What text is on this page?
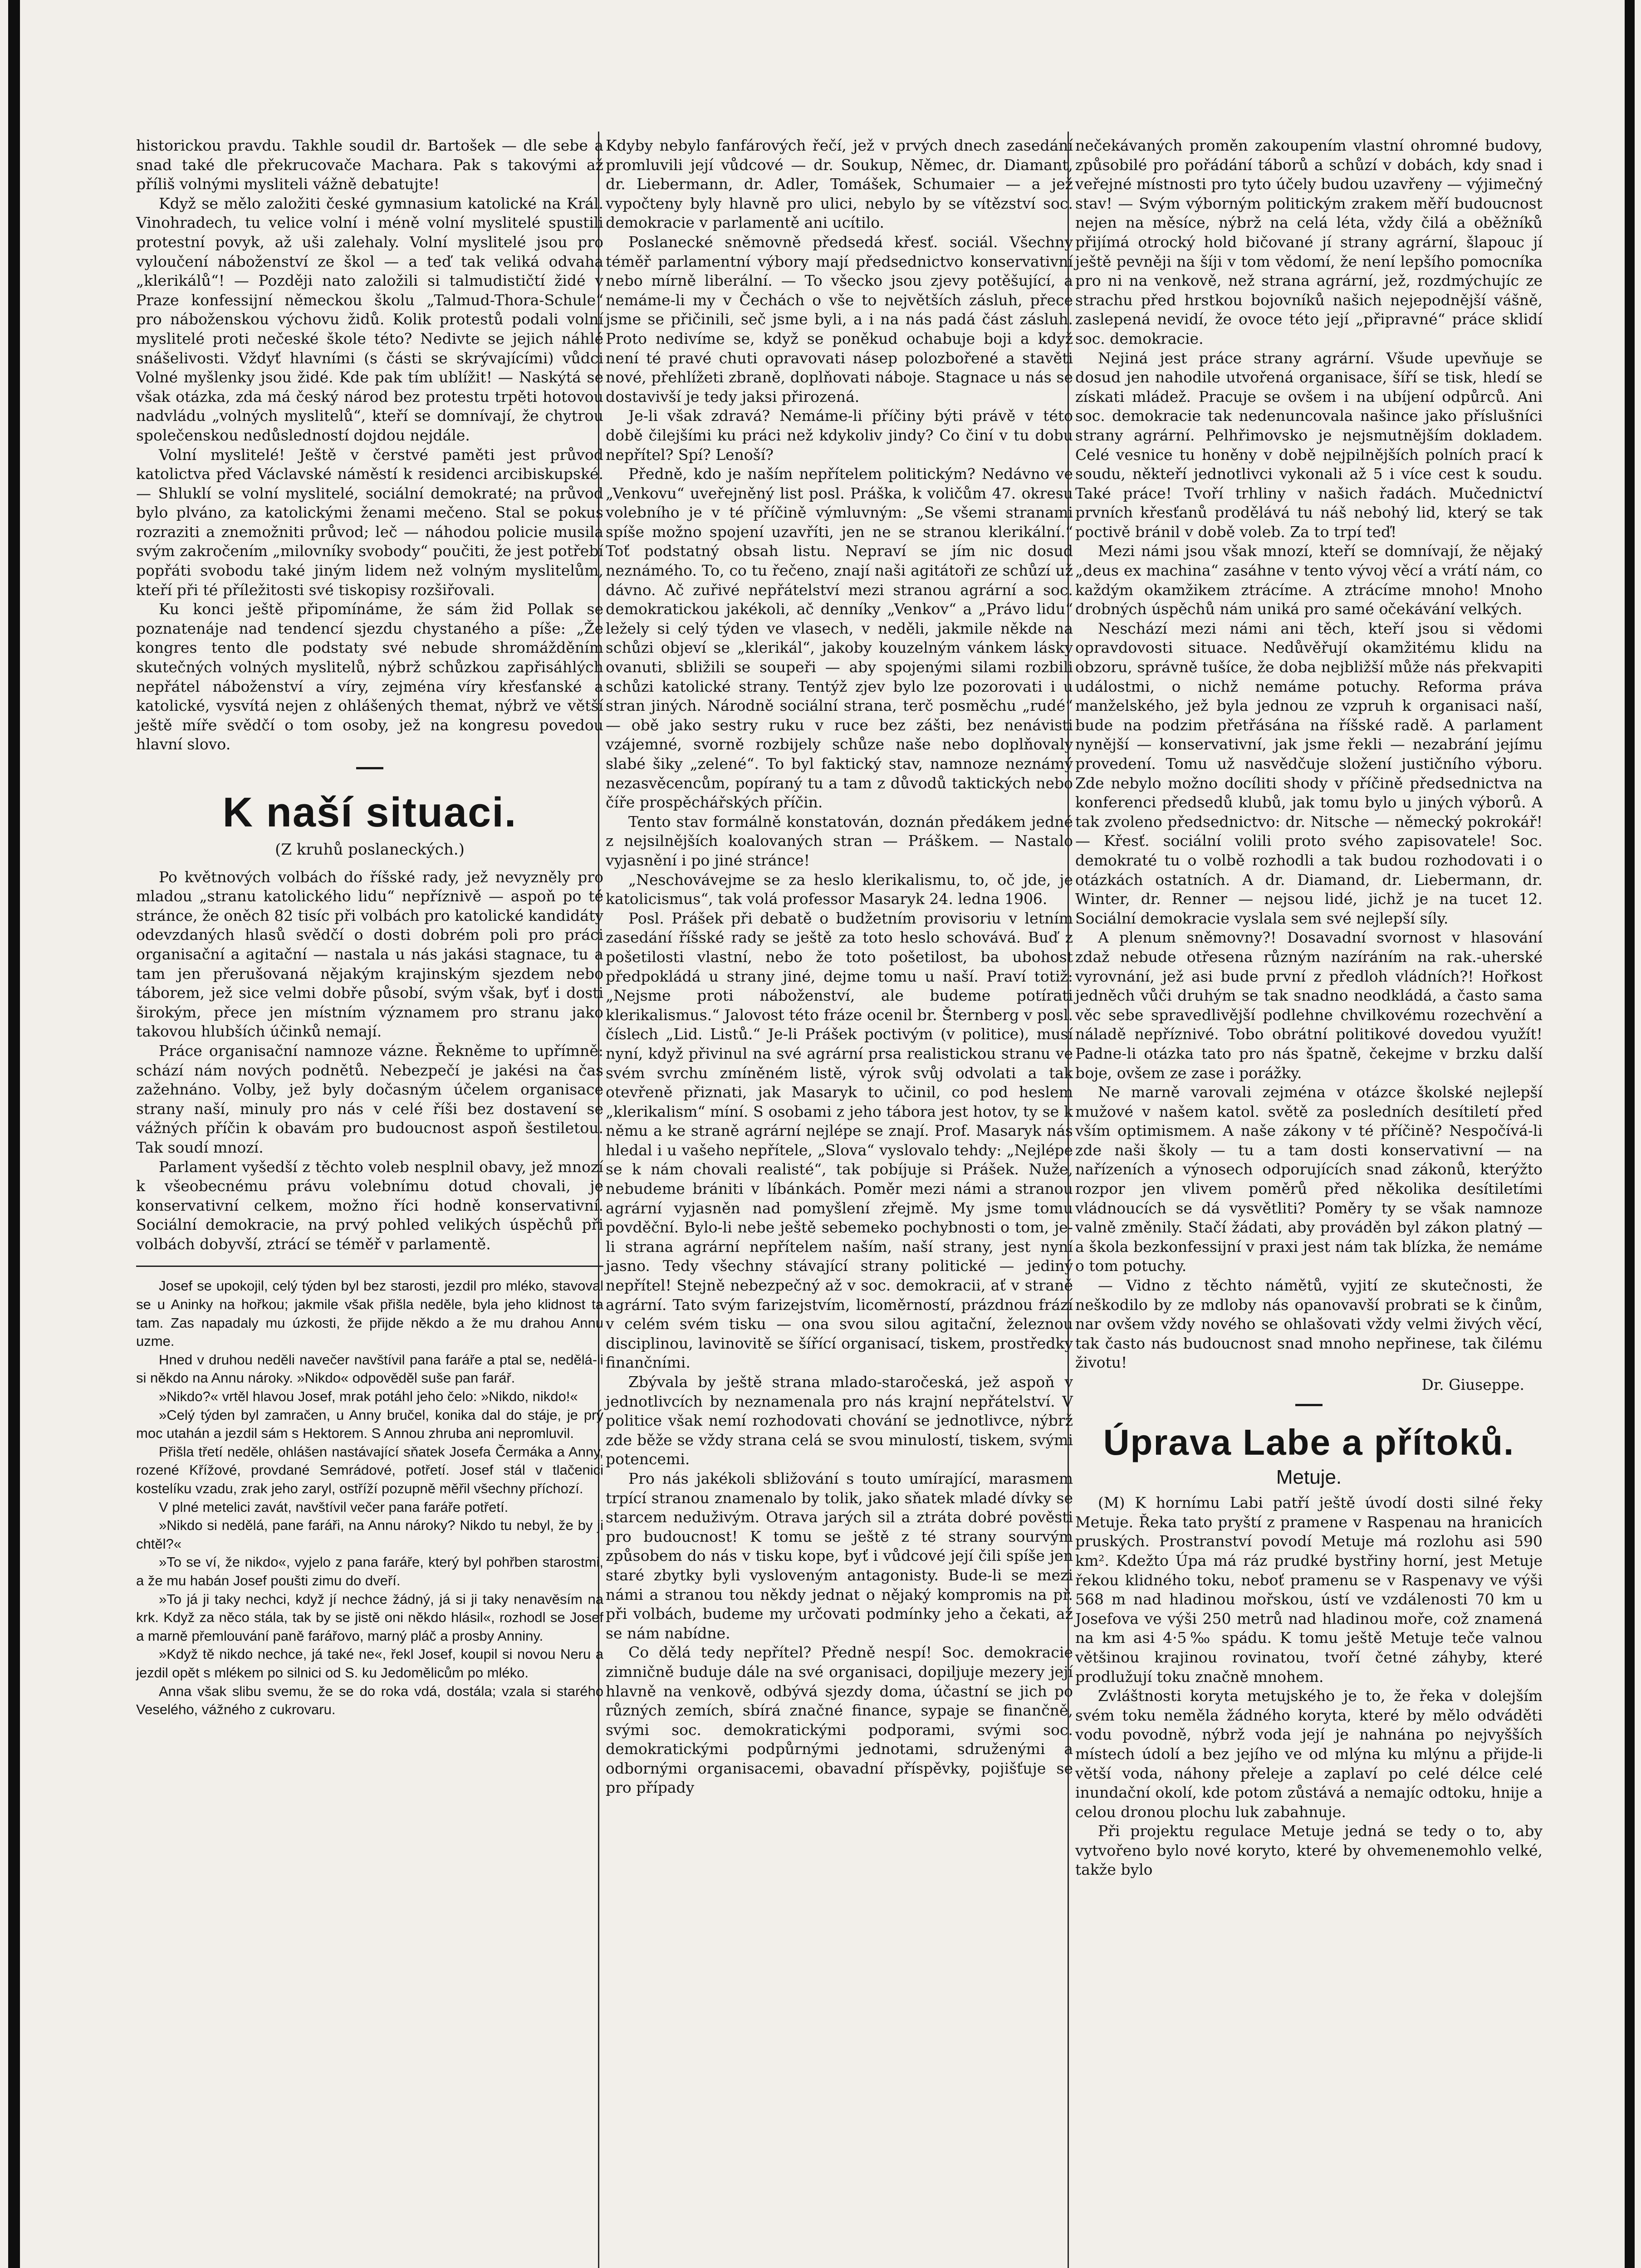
historickou pravdu. Takhle soudil dr. Bartošek — dle sebe a snad také dle překrucovače Machara. Pak s takovými až příliš volnými mysliteli vážně debatujte!

Když se mělo založiti české gymnasium katolické na Král. Vinohradech, tu velice volní i méně volní myslitelé spustili protestní povyk, až uši zalehaly. Volní myslitelé jsou pro vyloučení náboženství ze škol — a teď tak veliká odvaha „klerikálů“! — Později nato založili si talmudističtí židé v Praze konfessijní německou školu „Talmud-Thora-Schule“ pro náboženskou výchovu židů. Kolik protestů podali volní myslitelé proti nečeské škole této? Nedivte se jejich náhlé snášelivosti. Vždyť hlavními (s části se skrývajícími) vůdci Volné myšlenky jsou židé. Kde pak tím ublížit! — Naskýtá se však otázka, zda má český národ bez protestu trpěti hotovou nadvládu „volných myslitelů“, kteří se domnívají, že chytrou společenskou nedůsledností dojdou nejdále.

Volní myslitelé! Ještě v čerstvé paměti jest průvod katolictva před Václavské náměstí k residenci arcibiskupské. — Shluklí se volní myslitelé, sociální demokraté; na průvod bylo plváno, za katolickými ženami mečeno. Stal se pokus rozraziti a znemožniti průvod; leč — náhodou policie musila svým zakročením „milovníky svobody“ poučiti, že jest potřebí popřáti svobodu také jiným lidem než volným myslitelům, kteří při té příležitosti své tiskopisy rozšiřovali.

Ku konci ještě připomínáme, že sám žid Pollak se poznatenáje nad tendencí sjezdu chystaného a píše: „Že kongres tento dle podstaty své nebude shromážděním skutečných volných myslitelů, nýbrž schůzkou zapřisáhlých nepřátel náboženství a víry, zejména víry křesťanské a katolické, vysvítá nejen z ohlášených themat, nýbrž ve větší ještě míře svědčí o tom osoby, jež na kongresu povedou hlavní slovo.

K naší situaci.
(Z kruhů poslaneckých.)

Po květnových volbách do říšské rady, jež nevyzněly pro mladou „stranu katolického lidu“ nepříznivě — aspoň po té stránce, že oněch 82 tisíc při volbách pro katolické kandidáty odevzdaných hlasů svědčí o dosti dobrém poli pro práci organisační a agitační — nastala u nás jakási stagnace, tu a tam jen přerušovaná nějakým krajinským sjezdem nebo táborem, jež sice velmi dobře působí, svým však, byť i dosti širokým, přece jen místním významem pro stranu jako takovou hlubších účinků nemají.

Práce organisační namnoze vázne. Řekněme to upřímně: schází nám nových podnětů. Nebezpečí je jakési na čas zažehnáno. Volby, jež byly dočasným účelem organisace strany naší, minuly pro nás v celé říši bez dostavení se vážných příčin k obavám pro budoucnost aspoň šestiletou. Tak soudí mnozí.

Parlament vyšedší z těchto voleb nesplnil obavy, jež mnozí k všeobecnému právu volebnímu dotud chovali, je konservativní celkem, možno říci hodně konservativní. Sociální demokracie, na prvý pohled velikých úspěchů při volbách dobyvší, ztrácí se téměř v parlamentě.

Josef se upokojil, celý týden byl bez starosti, jezdil pro mléko, stavoval se u Aninky na hořkou; jakmile však přišla neděle, byla jeho klidnost ta tam. Zas napadaly mu úzkosti, že přijde někdo a že mu drahou Annu uzme.

Hned v druhou neděli navečer navštívil pana faráře a ptal se, nedělá-li si někdo na Annu nároky. »Nikdo« odpověděl suše pan farář.

»Nikdo?« vrtěl hlavou Josef, mrak potáhl jeho čelo: »Nikdo, nikdo!«

»Celý týden byl zamračen, u Anny bručel, konika dal do stáje, je prý moc utahán a jezdil sám s Hektorem. S Annou zhruba ani nepromluvil.

Přišla třetí neděle, ohlášen nastávající sňatek Josefa Čermáka a Anny, rozené Křížové, provdané Semrádové, potřetí. Josef stál v tlačenici kostelíku vzadu, zrak jeho zaryl, ostříží pozupně měřil všechny příchozí.

V plné metelici zavát, navštívil večer pana faráře potřetí.

»Nikdo si nedělá, pane faráři, na Annu nároky? Nikdo tu nebyl, že by ji chtěl?«

»To se ví, že nikdo«, vyjelo z pana faráře, který byl pohřben starostmi, a že mu habán Josef poušti zimu do dveří.

»To já ji taky nechci, když jí nechce žádný, já si ji taky nenavěsím na krk. Když za něco stála, tak by se jistě oni někdo hlásil«, rozhodl se Josef a marně přemlouvání paně farářovo, marný pláč a prosby Anniny.

»Když tě nikdo nechce, já také ne«, řekl Josef, koupil si novou Neru a jezdil opět s mlékem po silnici od S. ku Jedomělicům po mléko.

Anna však slibu svemu, že se do roka vdá, dostála; vzala si starého Veselého, vážného z cukrovaru.

Kdyby nebylo fanfárových řečí, jež v prvých dnech zasedání promluvili její vůdcové — dr. Soukup, Němec, dr. Diamant, dr. Liebermann, dr. Adler, Tomášek, Schumaier — a jež vypočteny byly hlavně pro ulici, nebylo by se vítězství soc. demokracie v parlamentě ani ucítilo.

Poslanecké sněmovně předsedá křesť. sociál. Všechny téměř parlamentní výbory mají předsednictvo konservativní nebo mírně liberální. — To všecko jsou zjevy potěšující, a nemáme-li my v Čechách o vše to největších zásluh, přece jsme se přičinili, seč jsme byli, a i na nás padá část zásluh. Proto nedivíme se, když se poněkud ochabuje boji a když není té pravé chuti opravovati násep polozbořené a stavěti nové, přehlížeti zbraně, doplňovati náboje. Stagnace u nás se dostavivší je tedy jaksi přirozená.

Je-li však zdravá? Nemáme-li příčiny býti právě v této době čilejšími ku práci než kdykoliv jindy? Co činí v tu dobu nepřítel? Spí? Lenoší?

Předně, kdo je naším nepřítelem politickým? Nedávno ve „Venkovu“ uveřejněný list posl. Práška, k voličům 47. okresu volebního je v té příčině výmluvným: „Se všemi stranami spíše možno spojení uzavříti, jen ne se stranou klerikální.“ Toť podstatný obsah listu. Nepraví se jím nic dosud neznámého. To, co tu řečeno, znají naši agitátoři ze schůzí už dávno. Ač zuřivé nepřátelství mezi stranou agrární a soc. demokratickou jakékoli, ač denníky „Venkov“ a „Právo lidu“ ležely si celý týden ve vlasech, v neděli, jakmile někde na schůzi objeví se „klerikál“, jakoby kouzelným vánkem lásky ovanuti, sbližili se soupeři — aby spojenými silami rozbili schůzi katolické strany. Tentýž zjev bylo lze pozorovati i u stran jiných. Národně sociální strana, terč posměchu „rudé“ — obě jako sestry ruku v ruce bez zášti, bez nenávisti vzájemné, svorně rozbijely schůze naše nebo doplňovaly slabé šiky „zelené“. To byl faktický stav, namnoze neznámý nezasvěcencům, popíraný tu a tam z důvodů taktických nebo číře prospěchářských příčin.

Tento stav formálně konstatován, doznán předákem jedné z nejsilnějších koalovaných stran — Práškem. — Nastalo vyjasnění i po jiné stránce!

„Neschovávejme se za heslo klerikalismu, to, oč jde, je katolicismus“, tak volá professor Masaryk 24. ledna 1906.

Posl. Prášek při debatě o budžetním provisoriu v letním zasedání říšské rady se ještě za toto heslo schovává. Buď z pošetilosti vlastní, nebo že toto pošetilost, ba ubohost předpokládá u strany jiné, dejme tomu u naší. Praví totiž: „Nejsme proti náboženství, ale budeme potírati klerikalismus.“ Jalovost této fráze ocenil br. Šternberg v posl. číslech „Lid. Listů.“ Je-li Prášek poctivým (v politice), musí nyní, když přivinul na své agrární prsa realistickou stranu ve svém svrchu zmíněném listě, výrok svůj odvolati a tak otevřeně přiznati, jak Masaryk to učinil, co pod heslem „klerikalism“ míní. S osobami z jeho tábora jest hotov, ty se k němu a ke straně agrární nejlépe se znají. Prof. Masaryk nás hledal i u vašeho nepřítele, „Slova“ vyslovalo tehdy: „Nejlépe se k nám chovali realisté“, tak pobíjuje si Prášek. Nuže, nebudeme brániti v líbánkách. Poměr mezi námi a stranou agrární vyjasněn nad pomyšlení zřejmě. My jsme tomu povděční. Bylo-li nebe ještě sebemeko pochybnosti o tom, je-li strana agrární nepřítelem naším, naší strany, jest nyní jasno. Tedy všechny stávající strany politické — jediný nepřítel! Stejně nebezpečný až v soc. demokracii, ať v straně agrární. Tato svým farizejstvím, licoměrností, prázdnou frází v celém svém tisku — ona svou silou agitační, železnou disciplinou, lavinovitě se šířící organisací, tiskem, prostředky finančními.

Zbývala by ještě strana mlado-staročeská, jež aspoň v jednotlivcích by neznamenala pro nás krajní nepřátelství. V politice však nemí rozhodovati chování se jednotlivce, nýbrž zde běže se vždy strana celá se svou minulostí, tiskem, svými potencemi.

Pro nás jakékoli sbližování s touto umírající, marasmem trpící stranou znamenalo by tolik, jako sňatek mladé dívky se starcem neduživým. Otrava jarých sil a ztráta dobré pověsti pro budoucnost! K tomu se ještě z té strany sourvým způsobem do nás v tisku kope, byť i vůdcové její čili spíše jen staré zbytky byli vysloveným antagonisty. Bude-li se mezi námi a stranou tou někdy jednat o nějaký kompromis na př. při volbách, budeme my určovati podmínky jeho a čekati, až se nám nabídne.

Co dělá tedy nepřítel? Předně nespí! Soc. demokracie zimničně buduje dále na své organisaci, dopiljuje mezery její hlavně na venkově, odbývá sjezdy doma, účastní se jich po různých zemích, sbírá značné finance, sypaje se finančně, svými soc. demokratickými podporami, svými soc. demokratickými podpůrnými jednotami, sdruženými a odbornými organisacemi, obavadní příspěvky, pojišťuje se pro případy

nečekávaných proměn zakoupením vlastní ohromné budovy, způsobilé pro pořádání táborů a schůzí v dobách, kdy snad i veřejné místnosti pro tyto účely budou uzavřeny — výjimečný stav! — Svým výborným politickým zrakem měří budoucnost nejen na měsíce, nýbrž na celá léta, vždy čilá a oběžníků přijímá otrocký hold bičované jí strany agrární, šlapouc jí ještě pevněji na šíji v tom vědomí, že není lepšího pomocníka pro ni na venkově, než strana agrární, jež, rozdmýchujíc ze strachu před hrstkou bojovníků našich nejepodnější vášně, zaslepená nevidí, že ovoce této její „připravné“ práce sklidí soc. demokracie.

Nejiná jest práce strany agrární. Všude upevňuje se dosud jen nahodile utvořená organisace, šíří se tisk, hledí se získati mládež. Pracuje se ovšem i na ubíjení odpůrců. Ani soc. demokracie tak nedenuncovala našince jako příslušníci strany agrární. Pelhřimovsko je nejsmutnějším dokladem. Celé vesnice tu honěny v době nejpilnějších polních prací k soudu, někteří jednotlivci vykonali až 5 i více cest k soudu. Také práce! Tvoří trhliny v našich řadách. Mučednictví prvních křesťanů prodělává tu náš nebohý lid, který se tak poctivě bránil v době voleb. Za to trpí teď!

Mezi námi jsou však mnozí, kteří se domnívají, že nějaký „deus ex machina“ zasáhne v tento vývoj věcí a vrátí nám, co každým okamžikem ztrácíme. A ztrácíme mnoho! Mnoho drobných úspěchů nám uniká pro samé očekávání velkých.

Neschází mezi námi ani těch, kteří jsou si vědomi opravdovosti situace. Nedůvěřují okamžitému klidu na obzoru, správně tušíce, že doba nejbližší může nás překvapiti událostmi, o nichž nemáme potuchy. Reforma práva manželského, jež byla jednou ze vzpruh k organisaci naší, bude na podzim přetřásána na říšské radě. A parlament nynější — konservativní, jak jsme řekli — nezabrání jejímu provedení. Tomu už nasvědčuje složení justičního výboru. Zde nebylo možno docíliti shody v příčině předsednictva na konferenci předsedů klubů, jak tomu bylo u jiných výborů. A tak zvoleno předsednictvo: dr. Nitsche — německý pokrokář! — Křesť. sociální volili proto svého zapisovatele! Soc. demokraté tu o volbě rozhodli a tak budou rozhodovati i o otázkách ostatních. A dr. Diamand, dr. Liebermann, dr. Winter, dr. Renner — nejsou lidé, jichž je na tucet 12. Sociální demokracie vyslala sem své nejlepší síly.

A plenum sněmovny?! Dosavadní svornost v hlasování zdaž nebude otřesena různým nazíráním na rak.-uherské vyrovnání, jež asi bude první z předloh vládních?! Hořkost jedněch vůči druhým se tak snadno neodkládá, a často sama věc sebe spravedlivější podlehne chvilkovému rozechvění a náladě nepříznivé. Tobo obrátní politikové dovedou využít! Padne-li otázka tato pro nás špatně, čekejme v brzku další boje, ovšem ze zase i porážky.

Ne marně varovali zejména v otázce školské nejlepší mužové v našem katol. světě za posledních desítiletí před vším optimismem. A naše zákony v té příčině? Nespočívá-li zde naši školy — tu a tam dosti konservativní — na nařízeních a výnosech odporujících snad zákonů, kterýžto rozpor jen vlivem poměrů před několika desítiletími vládnoucích se dá vysvětliti? Poměry ty se však namnoze valně změnily. Stačí žádati, aby prováděn byl zákon platný — a škola bezkonfessijní v praxi jest nám tak blízka, že nemáme o tom potuchy.

— Vidno z těchto námětů, vyjití ze skutečnosti, že neškodilo by ze mdloby nás opanovavší probrati se k činům, nar ovšem vždy nového se ohlašovati vždy velmi živých věcí, tak často nás budoucnost snad mnoho nepřinese, tak čilému životu!

Dr. Giuseppe.
Úprava Labe a přítoků.
Metuje.

(M) K hornímu Labi patří ještě úvodí dosti silné řeky Metuje. Řeka tato pryští z pramene v Raspenau na hranicích pruských. Prostranství povodí Metuje má rozlohu asi 590 km². Kdežto Úpa má ráz prudké bystřiny horní, jest Metuje řekou klidného toku, neboť pramenu se v Raspenavy ve výši 568 m nad hladinou mořskou, ústí ve vzdálenosti 70 km u Josefova ve výši 250 metrů nad hladinou moře, což znamená na km asi 4·5‰ spádu. K tomu ještě Metuje teče valnou většinou krajinou rovinatou, tvoří četné záhyby, které prodlužují toku značně mnohem.

Zvláštnosti koryta metujského je to, že řeka v dolejším svém toku neměla žádného koryta, které by mělo odváděti vodu povodně, nýbrž voda její je nahnána po nejvyšších místech údolí a bez jejího ve od mlýna ku mlýnu a přijde-li větší voda, náhony přeleje a zaplaví po celé délce celé inundační okolí, kde potom zůstává a nemajíc odtoku, hnije a celou dronou plochu luk zabahnuje.

Při projektu regulace Metuje jedná se tedy o to, aby vytvořeno bylo nové koryto, které by ohvemenemohlo velké, takže bylo
